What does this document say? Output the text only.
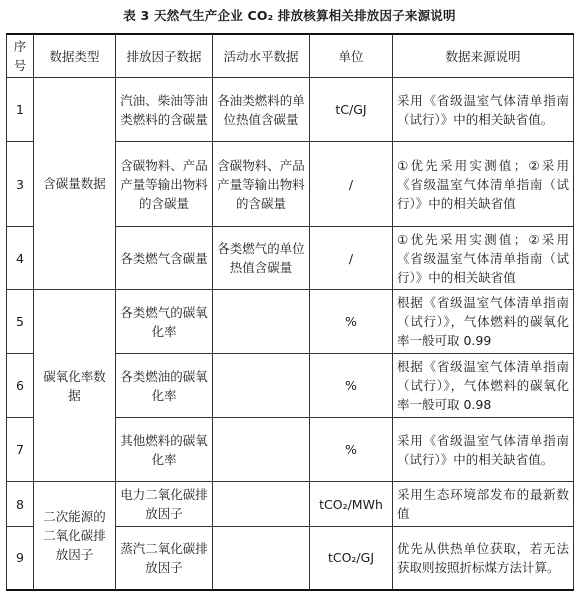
表 3 天然气生产企业 CO₂ 排放核算相关排放因子来源说明
序号	数据类型	排放因子数据	活动水平数据	单位	数据来源说明
1	含碳量数据	汽油、柴油等油类燃料的含碳量	各油类燃料的单位热值含碳量	tC/GJ	采用《省级温室气体清单指南（试行）》中的相关缺省值。
3		含碳物料、产品产量等输出物料的含碳量	含碳物料、产品产量等输出物料的含碳量	/	①优先采用实测值；②采用《省级温室气体清单指南（试行）》中的相关缺省值
4		各类燃气含碳量	各类燃气的单位热值含碳量	/	①优先采用实测值；②采用《省级温室气体清单指南（试行）》中的相关缺省值
5	碳氧化率数据	各类燃气的碳氧化率		%	根据《省级温室气体清单指南（试行）》，气体燃料的碳氧化率一般可取 0.99
6		各类燃油的碳氧化率		%	根据《省级温室气体清单指南（试行）》，气体燃料的碳氧化率一般可取 0.98
7		其他燃料的碳氧化率		%	采用《省级温室气体清单指南（试行）》中的相关缺省值。
8	二次能源的二氧化碳排放因子	电力二氧化碳排放因子		tCO₂/MWh	采用生态环境部发布的最新数值
9		蒸汽二氧化碳排放因子		tCO₂/GJ	优先从供热单位获取，若无法获取则按照折标煤方法计算。
